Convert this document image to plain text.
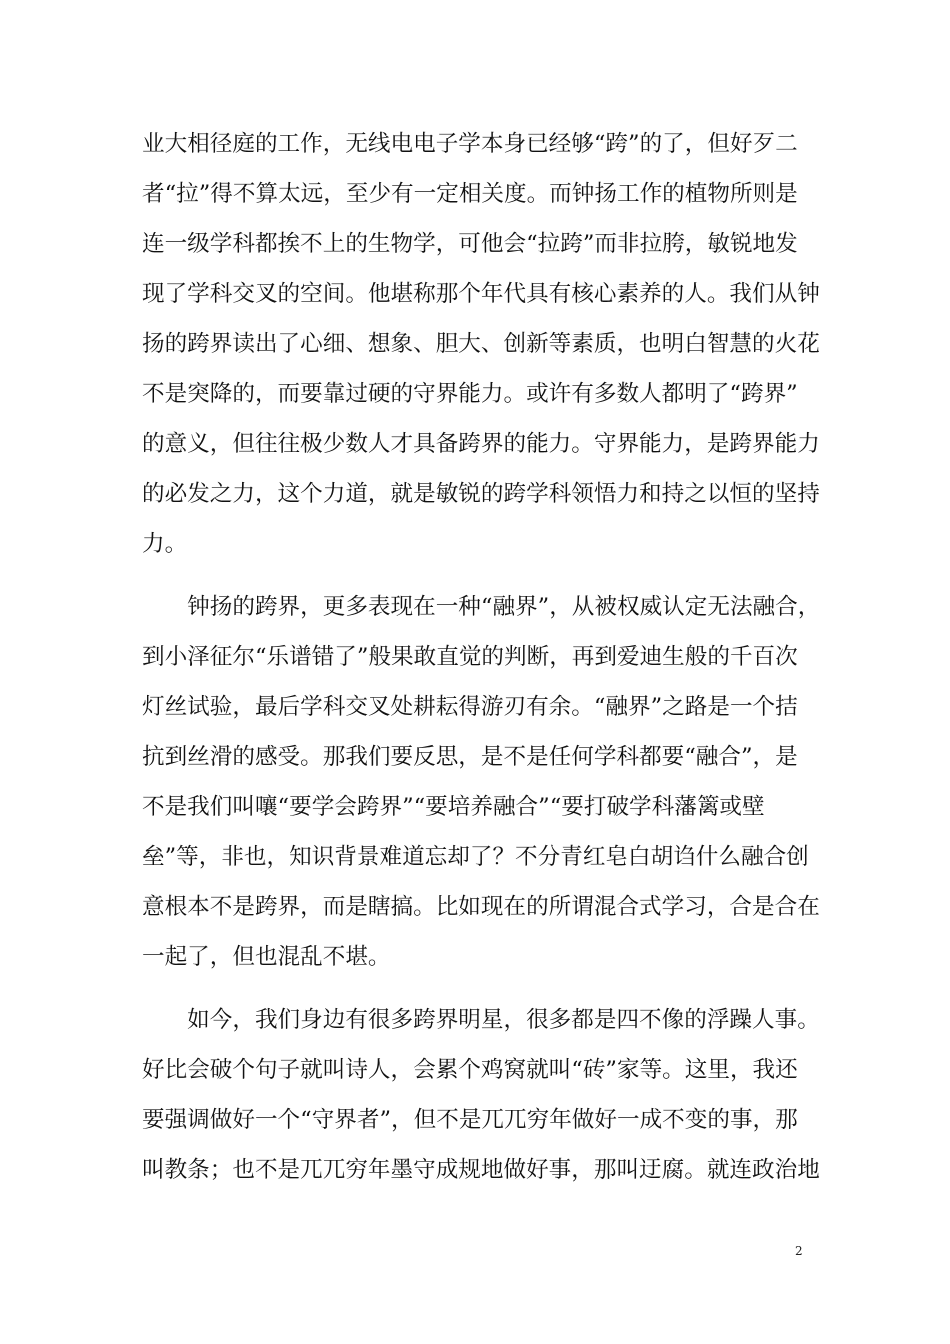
业大相径庭的工作，无线电电子学本身已经够“跨”的了，但好歹二
者“拉”得不算太远，至少有一定相关度。而钟扬工作的植物所则是
连一级学科都挨不上的生物学，可他会“拉跨”而非拉胯，敏锐地发
现了学科交叉的空间。他堪称那个年代具有核心素养的人。我们从钟
扬的跨界读出了心细、想象、胆大、创新等素质，也明白智慧的火花
不是突降的，而要靠过硬的守界能力。或许有多数人都明了“跨界”
的意义，但往往极少数人才具备跨界的能力。守界能力，是跨界能力
的必发之力，这个力道，就是敏锐的跨学科领悟力和持之以恒的坚持
力。
　　钟扬的跨界，更多表现在一种“融界”，从被权威认定无法融合，
到小泽征尔“乐谱错了”般果敢直觉的判断，再到爱迪生般的千百次
灯丝试验，最后学科交叉处耕耘得游刃有余。“融界”之路是一个拮
抗到丝滑的感受。那我们要反思，是不是任何学科都要“融合”，是
不是我们叫嚷“要学会跨界”“要培养融合”“要打破学科藩篱或壁
垒”等，非也，知识背景难道忘却了？不分青红皂白胡诌什么融合创
意根本不是跨界，而是瞎搞。比如现在的所谓混合式学习，合是合在
一起了，但也混乱不堪。
　　如今，我们身边有很多跨界明星，很多都是四不像的浮躁人事。
好比会破个句子就叫诗人，会累个鸡窝就叫“砖”家等。这里，我还
要强调做好一个“守界者”，但不是兀兀穷年做好一成不变的事，那
叫教条；也不是兀兀穷年墨守成规地做好事，那叫迂腐。就连政治地
2
